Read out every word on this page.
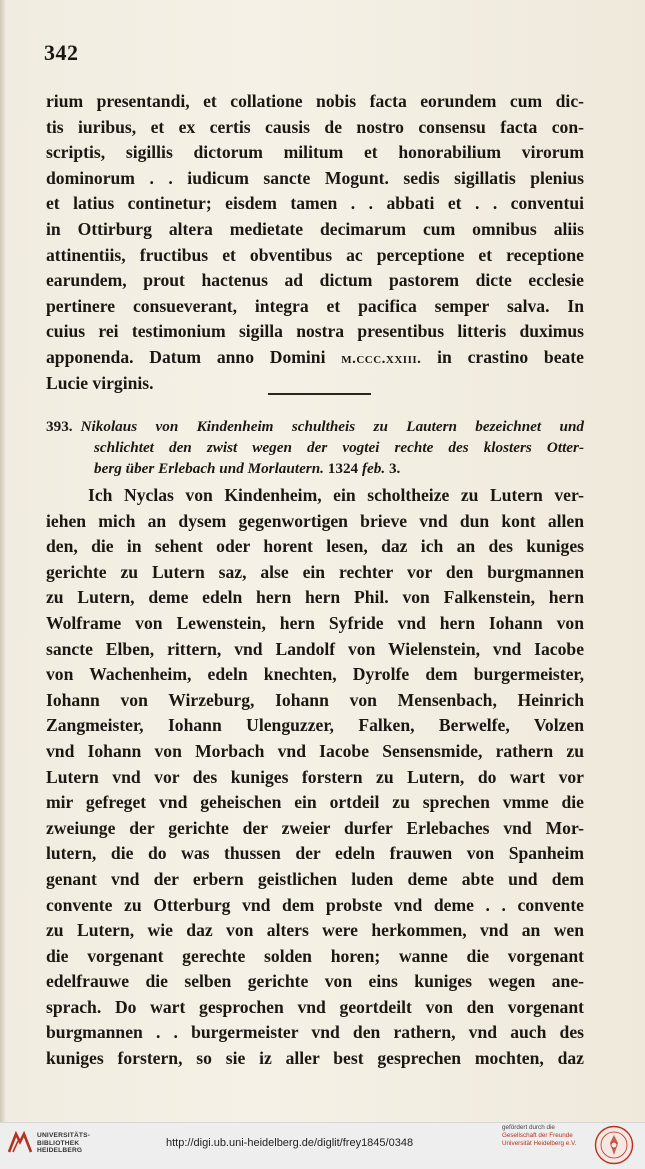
342
rium presentandi, et collatione nobis facta eorundem cum dic-
tis iuribus, et ex certis causis de nostro consensu facta con-
scriptis, sigillis dictorum militum et honorabilium virorum
dominorum . . iudicum sancte Mogunt. sedis sigillatis plenius
et latius continetur; eisdem tamen . . abbati et . . conventui
in Ottirburg altera medietate decimarum cum omnibus aliis
attinentiis, fructibus et obventibus ac perceptione et receptione
earundem, prout hactenus ad dictum pastorem dicte ecclesie
pertinere consueverant, integra et pacifica semper salva. In
cuius rei testimonium sigilla nostra presentibus litteris duximus
apponenda. Datum anno Domini m.ccc.xxiii. in crastino beate
Lucie virginis.
393. Nikolaus von Kindenheim schultheis zu Lautern bezeichnet und
schlichtet den zwist wegen der vogtei rechte des klosters Otter-
berg über Erlebach und Morlautern. 1324 feb. 3.
Ich Nyclas von Kindenheim, ein scholtheize zu Lutern ver-
iehen mich an dysem gegenwortigen brieve vnd dun kont allen
den, die in sehent oder horent lesen, daz ich an des kuniges
gerichte zu Lutern saz, alse ein rechter vor den burgmannen
zu Lutern, deme edeln hern hern Phil. von Falkenstein, hern
Wolframe von Lewenstein, hern Syfride vnd hern Iohann von
sancte Elben, rittern, vnd Landolf von Wielenstein, vnd Iacobe
von Wachenheim, edeln knechten, Dyrolfe dem burgermeister,
Iohann von Wirzeburg, Iohann von Mensenbach, Heinrich
Zangmeister, Iohann Ulenguzzer, Falken, Berwelfe, Volzen
vnd Iohann von Morbach vnd Iacobe Sensensmide, rathern zu
Lutern vnd vor des kuniges forstern zu Lutern, do wart vor
mir gefreget vnd geheischen ein ortdeil zu sprechen vmme die
zweiunge der gerichte der zweier durfer Erlebaches vnd Mor-
lutern, die do was thussen der edeln frauwen von Spanheim
genant vnd der erbern geistlichen luden deme abte und dem
convente zu Otterburg vnd dem probste vnd deme . . convente
zu Lutern, wie daz von alters were herkommen, vnd an wen
die vorgenant gerechte solden horen; wanne die vorgenant
edelfrauwe die selben gerichte von eins kuniges wegen ane-
sprach. Do wart gesprochen vnd geortdeilt von den vorgenant
burgmannen . . burgermeister vnd den rathern, vnd auch des
kuniges forstern, so sie iz aller best gesprechen mochten, daz
UNIVERSITÄTS-
BIBLIOTHEK
HEIDELBERG
http://digi.ub.uni-heidelberg.de/diglit/frey1845/0348
gefördert durch die
Gesellschaft der Freunde
Universität Heidelberg e.V.
